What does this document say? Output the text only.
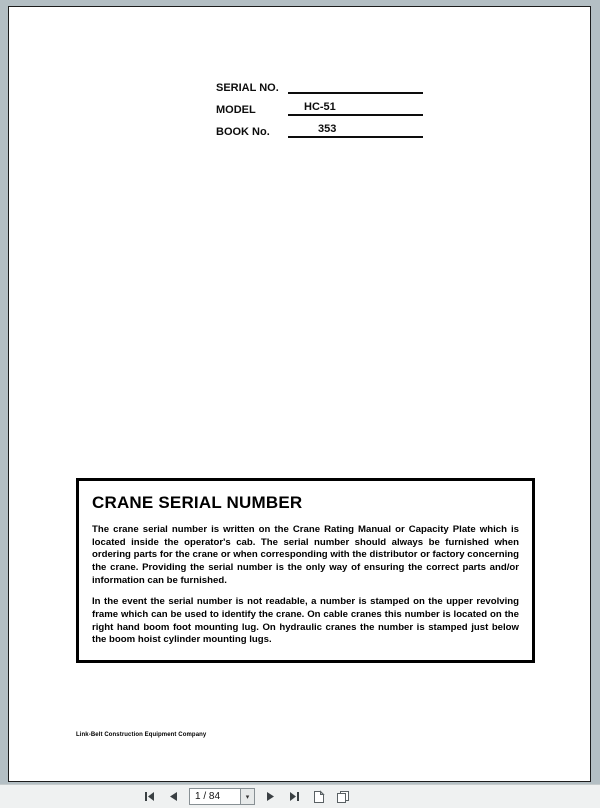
SERIAL NO.
MODEL	HC-51
BOOK No.	353
CRANE SERIAL NUMBER

The crane serial number is written on the Crane Rating Manual or Capacity Plate which is located inside the operator's cab. The serial number should always be furnished when ordering parts for the crane or when corresponding with the distributor or factory concerning the crane. Providing the serial number is the only way of ensuring the correct parts and/or information can be furnished.

In the event the serial number is not readable, a number is stamped on the upper revolving frame which can be used to identify the crane. On cable cranes this number is located on the right hand boom foot mounting lug. On hydraulic cranes the number is stamped just below the boom hoist cylinder mounting lugs.

Link-Belt Construction Equipment Company
1 / 84
▾
